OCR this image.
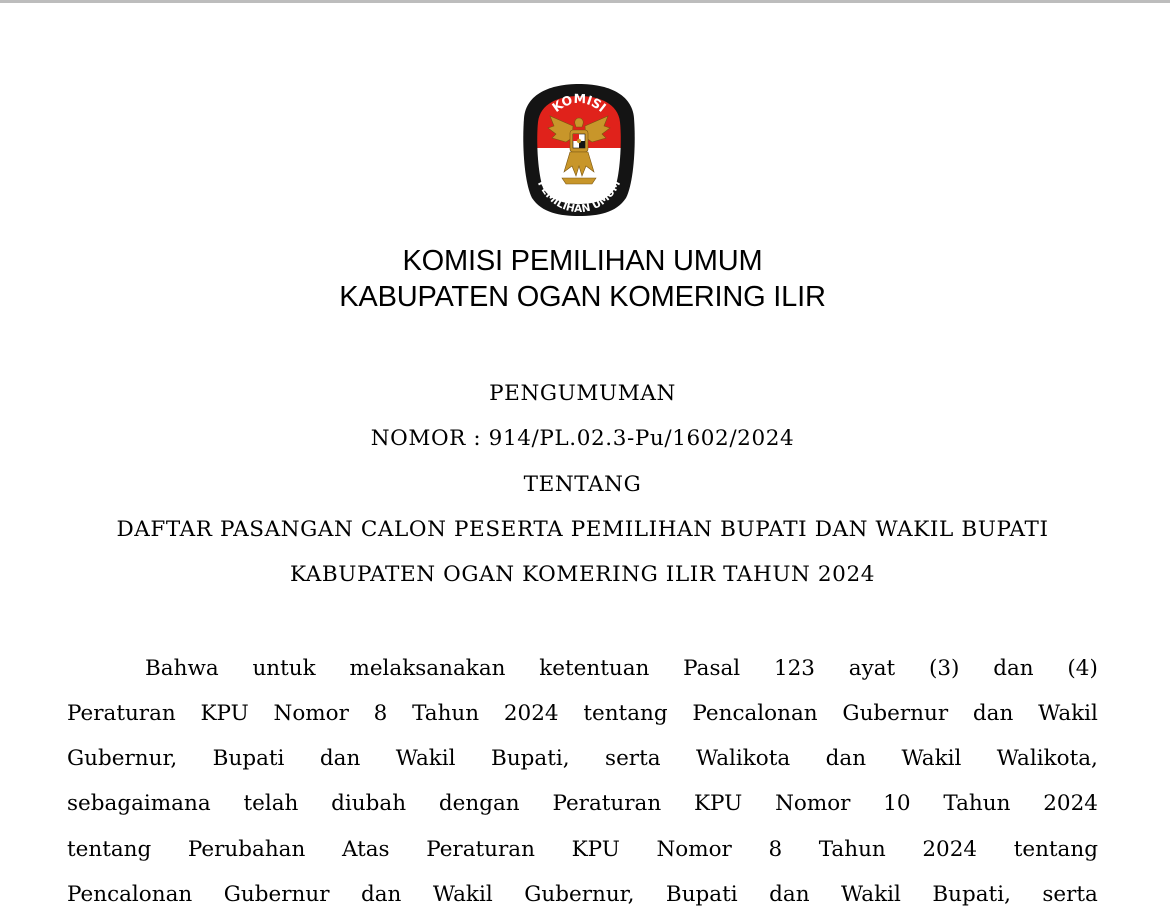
KOMISI
PEMILIHAN UMUM
KOMISI PEMILIHAN UMUM
KABUPATEN OGAN KOMERING ILIR
PENGUMUMAN
NOMOR : 914/PL.02.3-Pu/1602/2024
TENTANG
DAFTAR PASANGAN CALON PESERTA PEMILIHAN BUPATI DAN WAKIL BUPATI
KABUPATEN OGAN KOMERING ILIR TAHUN 2024
Bahwa untuk melaksanakan ketentuan Pasal 123 ayat (3) dan (4)
Peraturan KPU Nomor 8 Tahun 2024 tentang Pencalonan Gubernur dan Wakil
Gubernur, Bupati dan Wakil Bupati, serta Walikota dan Wakil Walikota,
sebagaimana telah diubah dengan Peraturan KPU Nomor 10 Tahun 2024
tentang Perubahan Atas Peraturan KPU Nomor 8 Tahun 2024 tentang
Pencalonan Gubernur dan Wakil Gubernur, Bupati dan Wakil Bupati, serta
